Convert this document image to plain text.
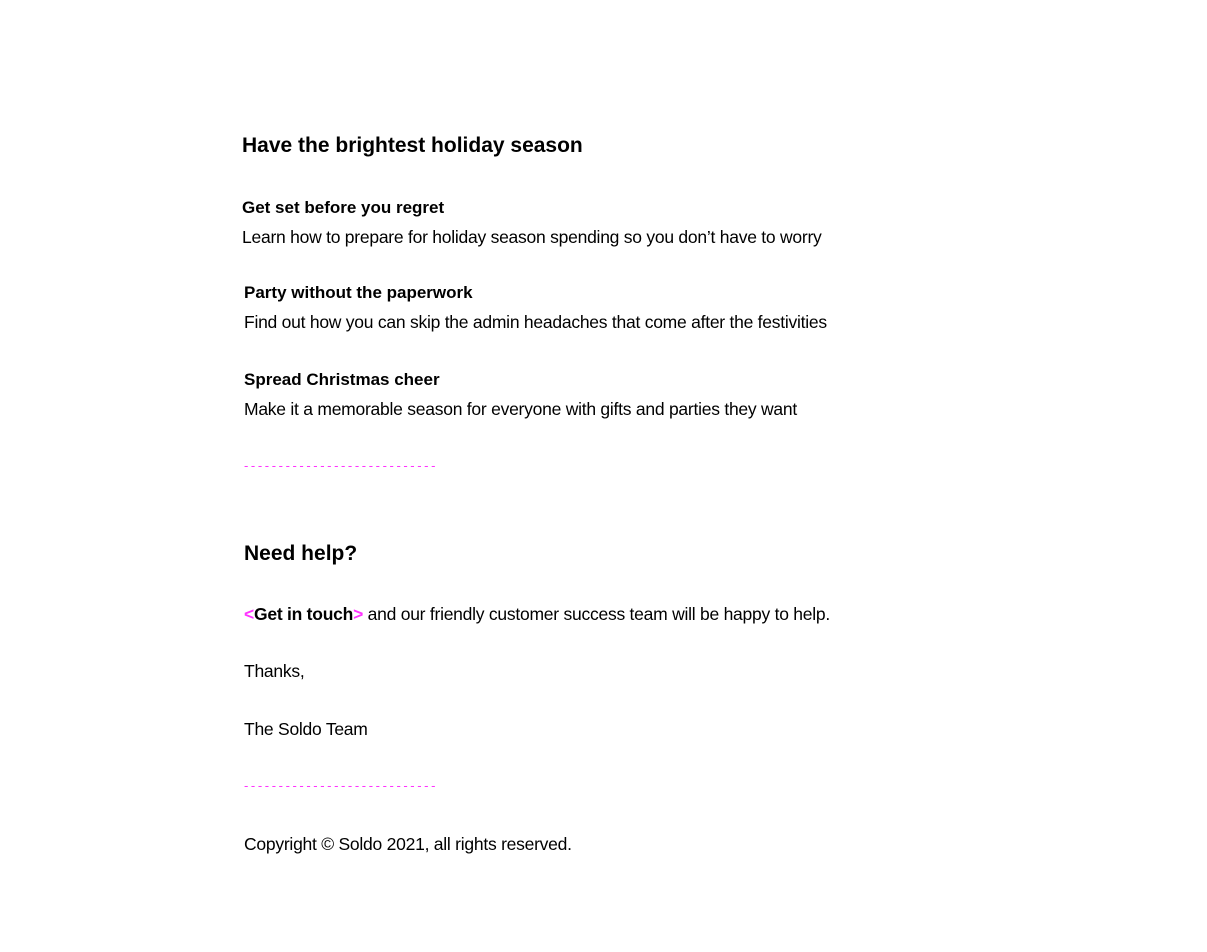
Have the brightest holiday season
Get set before you regret
Learn how to prepare for holiday season spending so you don’t have to worry
Party without the paperwork
Find out how you can skip the admin headaches that come after the festivities
Spread Christmas cheer
Make it a memorable season for everyone with gifts and parties they want
----------------------------
Need help?
<Get in touch> and our friendly customer success team will be happy to help.
Thanks,
The Soldo Team
----------------------------
Copyright © Soldo 2021, all rights reserved.
